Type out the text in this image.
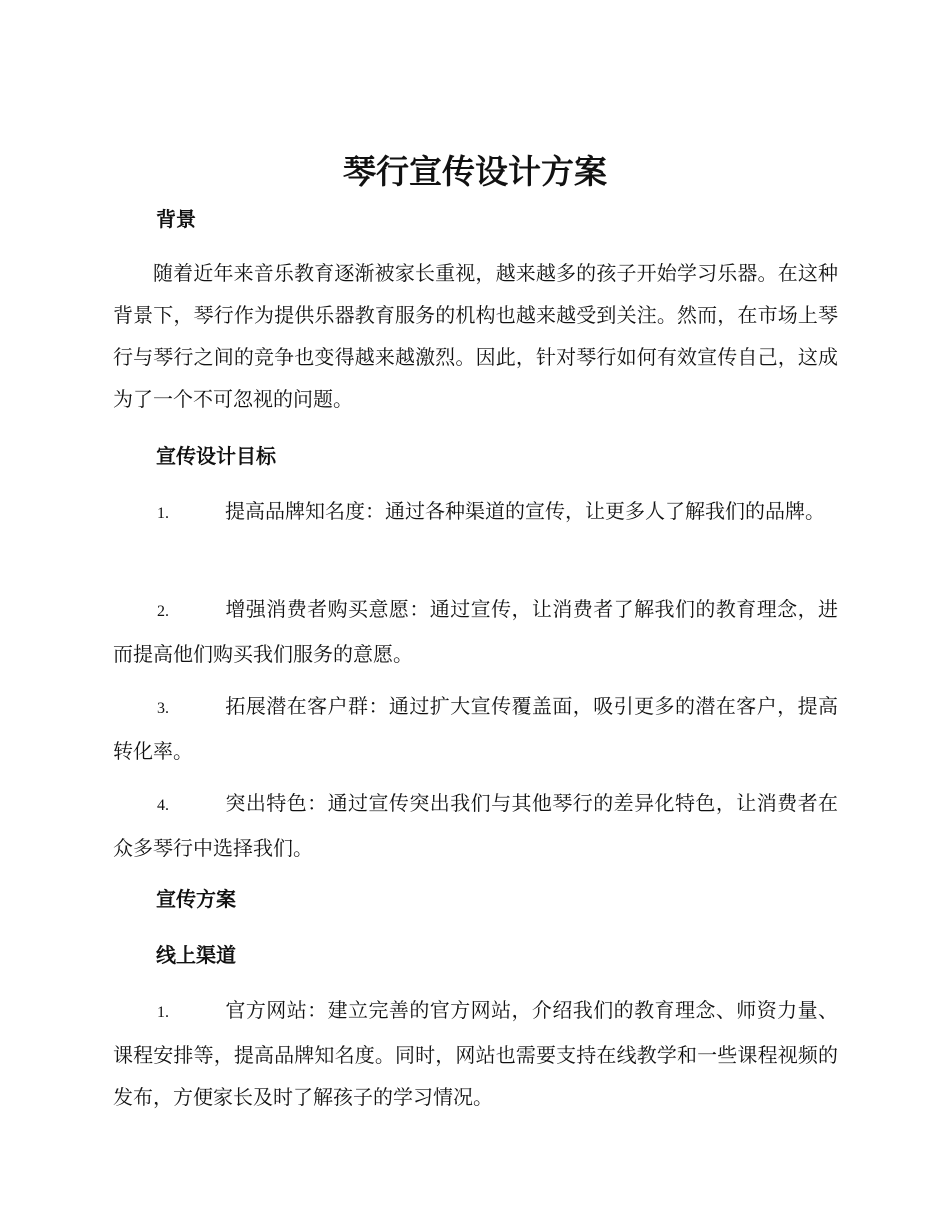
琴行宣传设计方案
背景

随着近年来音乐教育逐渐被家长重视，越来越多的孩子开始学习乐器。在这种背景下，琴行作为提供乐器教育服务的机构也越来越受到关注。然而，在市场上琴行与琴行之间的竞争也变得越来越激烈。因此，针对琴行如何有效宣传自己，这成为了一个不可忽视的问题。

宣传设计目标

1.	提高品牌知名度：通过各种渠道的宣传，让更多人了解我们的品牌。

2.	增强消费者购买意愿：通过宣传，让消费者了解我们的教育理念，进而提高他们购买我们服务的意愿。

3.	拓展潜在客户群：通过扩大宣传覆盖面，吸引更多的潜在客户，提高转化率。

4.	突出特色：通过宣传突出我们与其他琴行的差异化特色，让消费者在众多琴行中选择我们。

宣传方案
线上渠道

1.	官方网站：建立完善的官方网站，介绍我们的教育理念、师资力量、课程安排等，提高品牌知名度。同时，网站也需要支持在线教学和一些课程视频的发布，方便家长及时了解孩子的学习情况。
